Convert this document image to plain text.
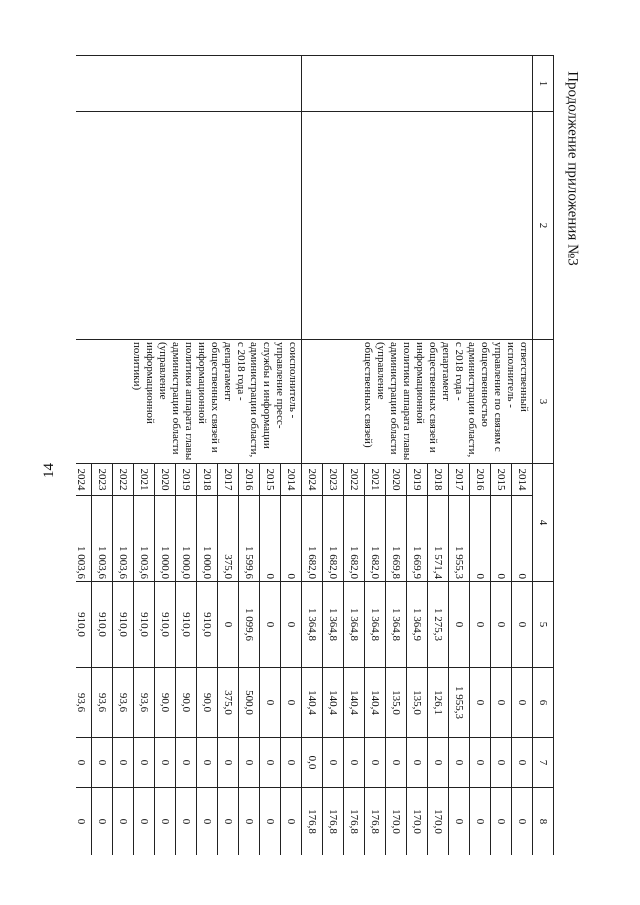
14
Продолжение приложения №3
1	2	3	4		5	6	7	8
		ответственный исполнитель - управление по связям с общественностью администрации области, с 2018 года - департамент общественных связей и информационной политики аппарата главы администрации области (управление общественных связей)	2014	0	0	0	0	0
			2015	0	0	0	0	0
			2016	0	0	0	0	0
			2017	1 955,3	0	1 955,3	0	0
			2018	1 571,4	1 275,3	126,1	0	170,0
			2019	1 669,9	1 364,9	135,0	0	170,0
			2020	1 669,8	1 364,8	135,0	0	170,0
			2021	1 682,0	1 364,8	140,4	0	176,8
			2022	1 682,0	1 364,8	140,4	0	176,8
			2023	1 682,0	1 364,8	140,4	0	176,8
			2024	1 682,0	1 364,8	140,4	0,0	176,8
		соисполнитель - управление пресс-службы и информации администрации области, с 2018 года - департамент общественных связей и информационной политики аппарата главы администрации области (управление информационной политики)	2014	0	0	0	0	0
			2015	0	0	0	0	0
			2016	1 599,6	1 099,6	500,0	0	0
			2017	375,0	0	375,0	0	0
			2018	1 000,0	910,0	90,0	0	0
			2019	1 000,0	910,0	90,0	0	0
			2020	1 000,0	910,0	90,0	0	0
			2021	1 003,6	910,0	93,6	0	0
			2022	1 003,6	910,0	93,6	0	0
			2023	1 003,6	910,0	93,6	0	0
			2024	1 003,6	910,0	93,6	0	0
